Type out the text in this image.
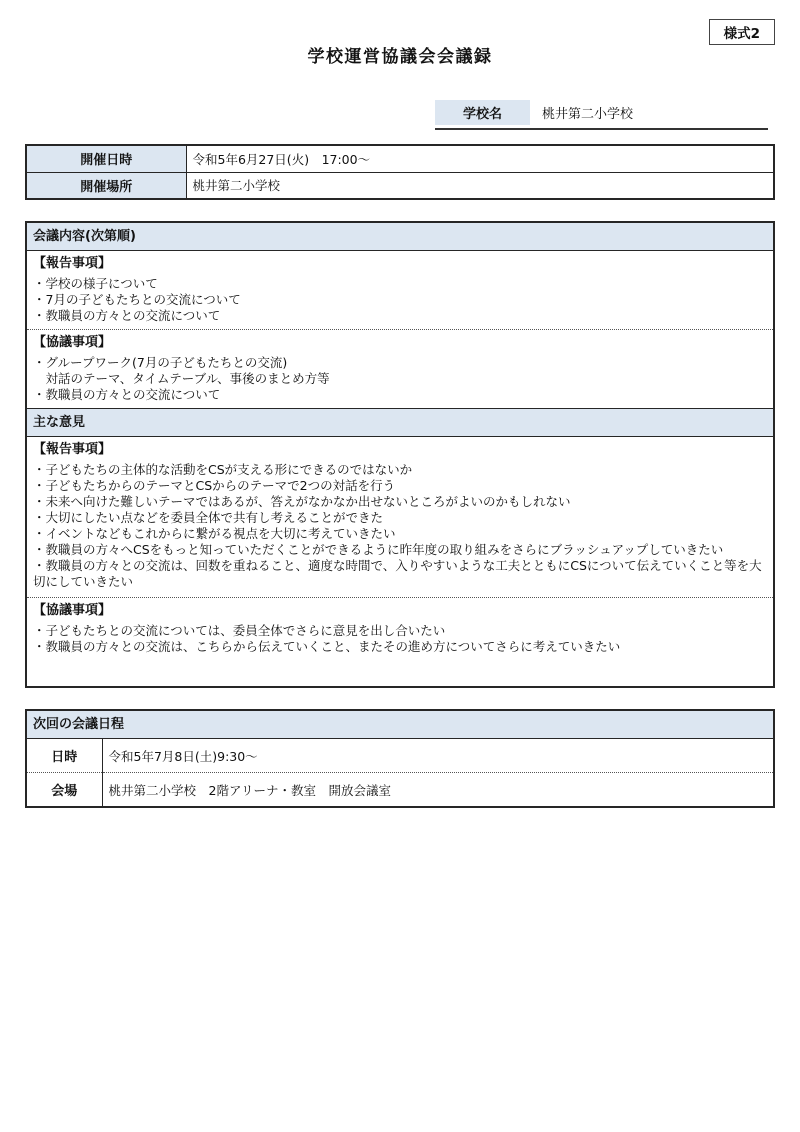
様式2
学校運営協議会会議録
学校名	桃井第二小学校
開催日時	令和5年6月27日(火)　17:00～
開催場所	桃井第二小学校
会議内容(次第順)
【報告事項】
・学校の様子について
・7月の子どもたちとの交流について
・教職員の方々との交流について
【協議事項】
・グループワーク(7月の子どもたちとの交流)
　対話のテーマ、タイムテーブル、事後のまとめ方等
・教職員の方々との交流について
主な意見
【報告事項】
・子どもたちの主体的な活動をCSが支える形にできるのではないか
・子どもたちからのテーマとCSからのテーマで2つの対話を行う
・未来へ向けた難しいテーマではあるが、答えがなかなか出せないところがよいのかもしれない
・大切にしたい点などを委員全体で共有し考えることができた
・イベントなどもこれからに繋がる視点を大切に考えていきたい
・教職員の方々へCSをもっと知っていただくことができるように昨年度の取り組みをさらにブラッシュアップしていきたい
・教職員の方々との交流は、回数を重ねること、適度な時間で、入りやすいような工夫とともにCSについて伝えていくこと等を大切にしていきたい
【協議事項】
・子どもたちとの交流については、委員全体でさらに意見を出し合いたい
・教職員の方々との交流は、こちらから伝えていくこと、またその進め方についてさらに考えていきたい
次回の会議日程
日時	令和5年7月8日(土)9:30～
会場	桃井第二小学校　2階アリーナ・教室　開放会議室
